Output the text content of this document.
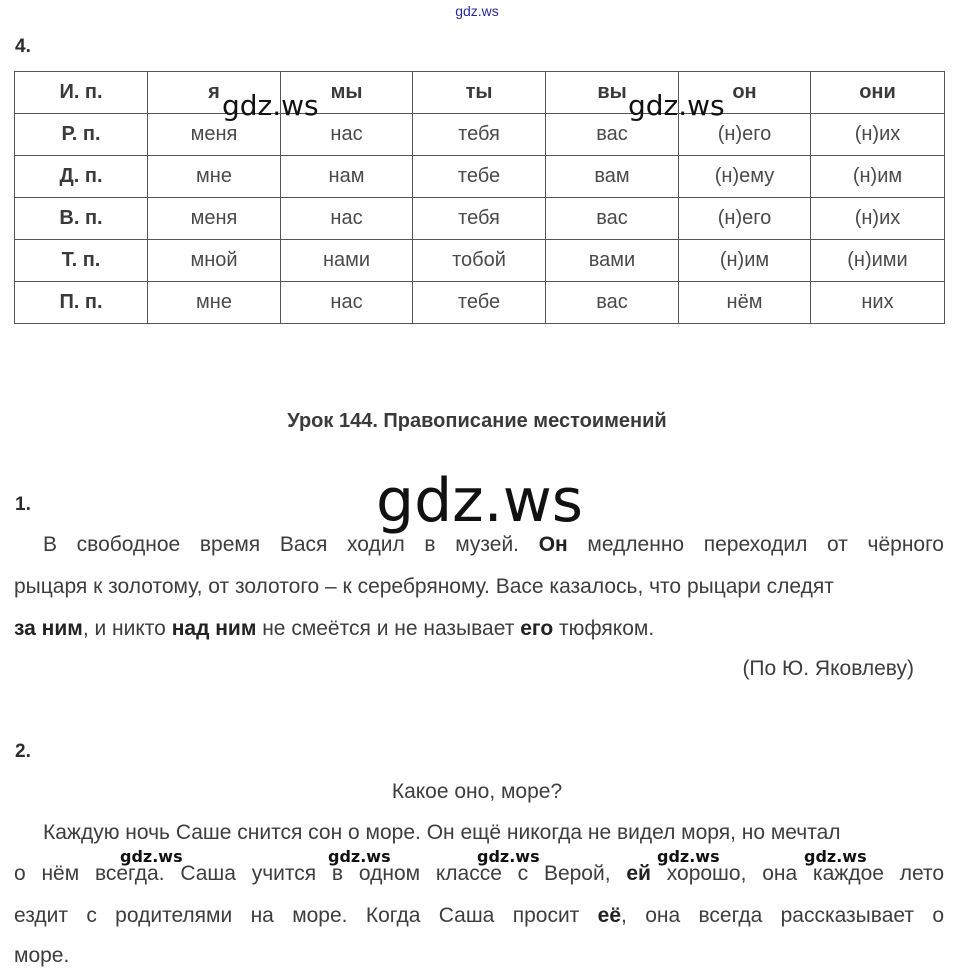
gdz.ws
4.
И. п.	я	мы	ты	вы	он	они
Р. п.	меня	нас	тебя	вас	(н)его	(н)их
Д. п.	мне	нам	тебе	вам	(н)ему	(н)им
В. п.	меня	нас	тебя	вас	(н)его	(н)их
Т. п.	мной	нами	тобой	вами	(н)им	(н)ими
П. п.	мне	нас	тебе	вас	нём	них
gdz.ws	gdz.ws
Урок 144. Правописание местоимений
gdz.ws
1.
В свободное время Вася ходил в музей. Он медленно переходил от чёрного
рыцаря к золотому, от золотого – к серебряному. Васе казалось, что рыцари следят
за ним, и никто над ним не смеётся и не называет его тюфяком.
(По Ю. Яковлеву)
2.
Какое оно, море?
Каждую ночь Саше снится сон о море. Он ещё никогда не видел моря, но мечтал
gdz.ws	gdz.ws	gdz.ws	gdz.ws	gdz.ws
о нём всегда. Саша учится в одном классе с Верой, ей хорошо, она каждое лето
ездит с родителями на море. Когда Саша просит её, она всегда рассказывает о
море.
